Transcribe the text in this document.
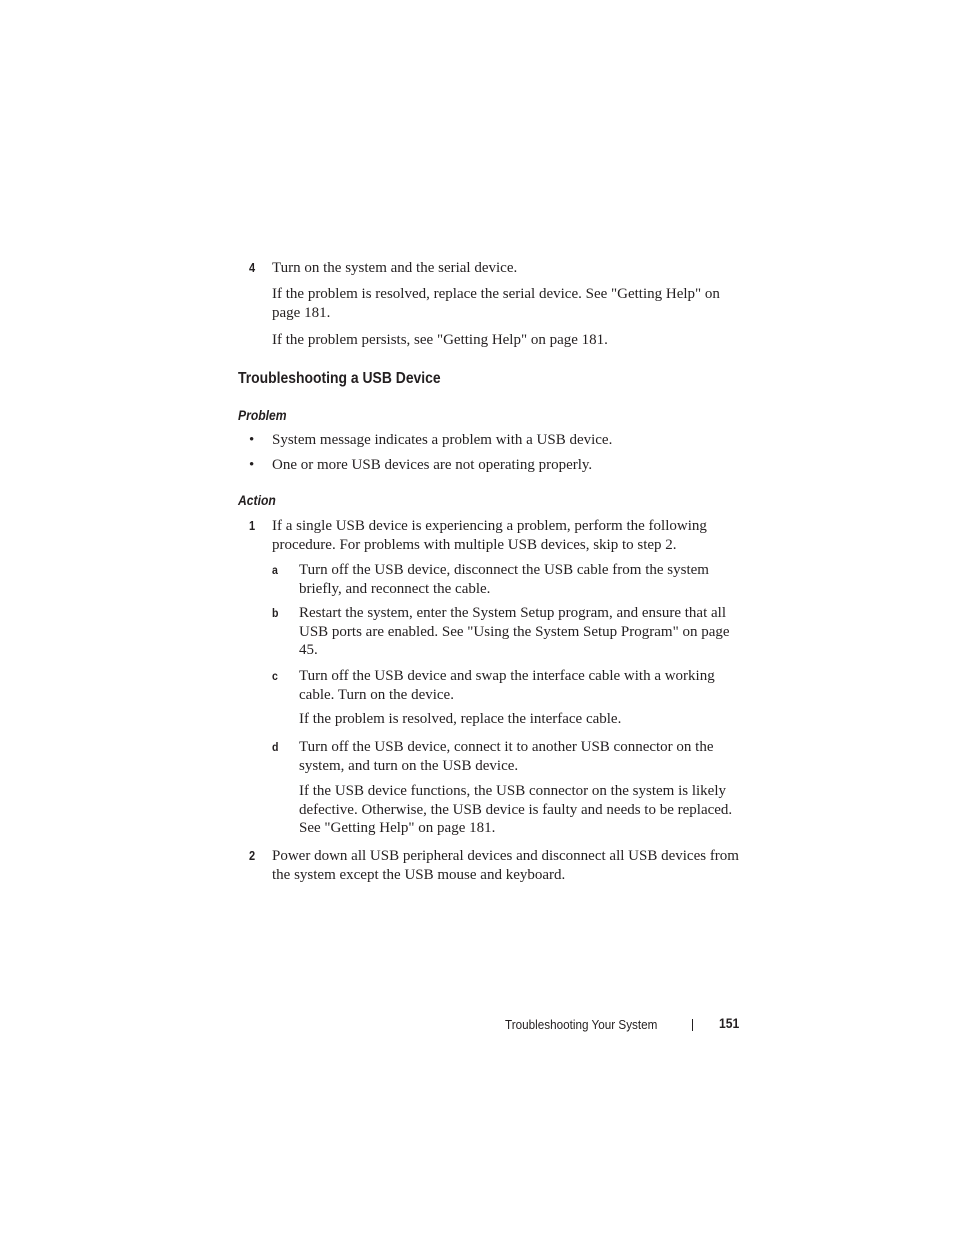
4 Turn on the system and the serial device.

If the problem is resolved, replace the serial device. See "Getting Help" on page 181.

If the problem persists, see "Getting Help" on page 181.

Troubleshooting a USB Device
Problem
• System message indicates a problem with a USB device.

• One or more USB devices are not operating properly.

Action
1 If a single USB device is experiencing a problem, perform the following procedure. For problems with multiple USB devices, skip to step 2.

a Turn off the USB device, disconnect the USB cable from the system briefly, and reconnect the cable.

b Restart the system, enter the System Setup program, and ensure that all USB ports are enabled. See "Using the System Setup Program" on page 45.

c Turn off the USB device and swap the interface cable with a working cable. Turn on the device.

If the problem is resolved, replace the interface cable.

d Turn off the USB device, connect it to another USB connector on the system, and turn on the USB device.

If the USB device functions, the USB connector on the system is likely defective. Otherwise, the USB device is faulty and needs to be replaced. See "Getting Help" on page 181.

2 Power down all USB peripheral devices and disconnect all USB devices from the system except the USB mouse and keyboard.

Troubleshooting Your System	151
